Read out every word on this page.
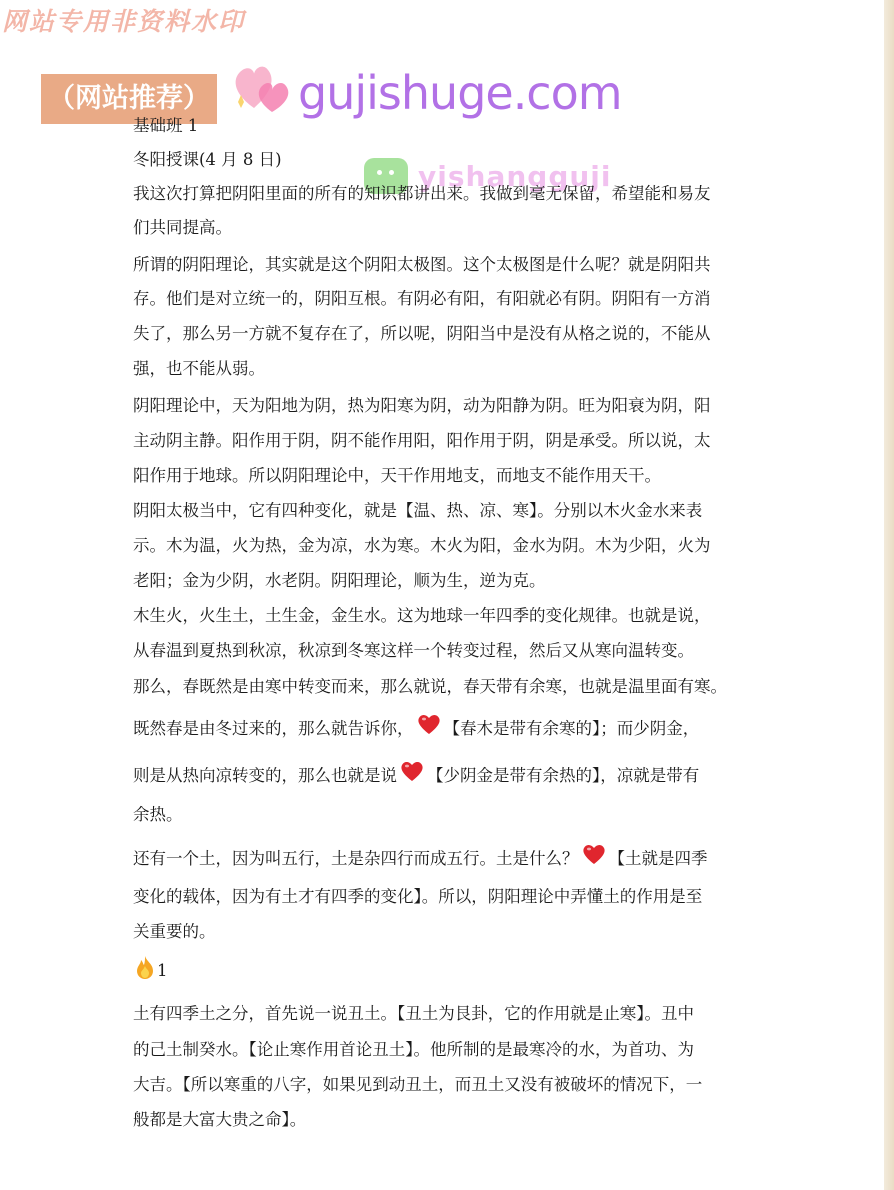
网站专用非资料水印
（网站推荐） gujishuge.com
yishangguji
基础班 1
冬阳授课(4 月 8 日)
我这次打算把阴阳里面的所有的知识都讲出来。我做到毫无保留，希望能和易友
们共同提高。
所谓的阴阳理论，其实就是这个阴阳太极图。这个太极图是什么呢？就是阴阳共
存。他们是对立统一的，阴阳互根。有阴必有阳，有阳就必有阴。阴阳有一方消
失了，那么另一方就不复存在了，所以呢，阴阳当中是没有从格之说的，不能从
强，也不能从弱。
阴阳理论中，天为阳地为阴，热为阳寒为阴，动为阳静为阴。旺为阳衰为阴，阳
主动阴主静。阳作用于阴，阴不能作用阳，阳作用于阴，阴是承受。所以说，太
阳作用于地球。所以阴阳理论中，天干作用地支，而地支不能作用天干。
阴阳太极当中，它有四种变化，就是【温、热、凉、寒】。分别以木火金水来表
示。木为温，火为热，金为凉，水为寒。木火为阳，金水为阴。木为少阳，火为
老阳；金为少阴，水老阴。阴阳理论，顺为生，逆为克。
木生火，火生土，土生金，金生水。这为地球一年四季的变化规律。也就是说，
从春温到夏热到秋凉，秋凉到冬寒这样一个转变过程，然后又从寒向温转变。
那么，春既然是由寒中转变而来，那么就说，春天带有余寒，也就是温里面有寒。
既然春是由冬过来的，那么就告诉你， 【春木是带有余寒的】；而少阴金，
则是从热向凉转变的，那么也就是说 【少阴金是带有余热的】，凉就是带有
余热。
还有一个土，因为叫五行，土是杂四行而成五行。土是什么？ 【土就是四季
变化的载体，因为有土才有四季的变化】。所以，阴阳理论中弄懂土的作用是至
关重要的。
1
土有四季土之分，首先说一说丑土。【丑土为艮卦，它的作用就是止寒】。丑中
的己土制癸水。【论止寒作用首论丑土】。他所制的是最寒冷的水，为首功、为
大吉。【所以寒重的八字，如果见到动丑土，而丑土又没有被破坏的情况下，一
般都是大富大贵之命】。
